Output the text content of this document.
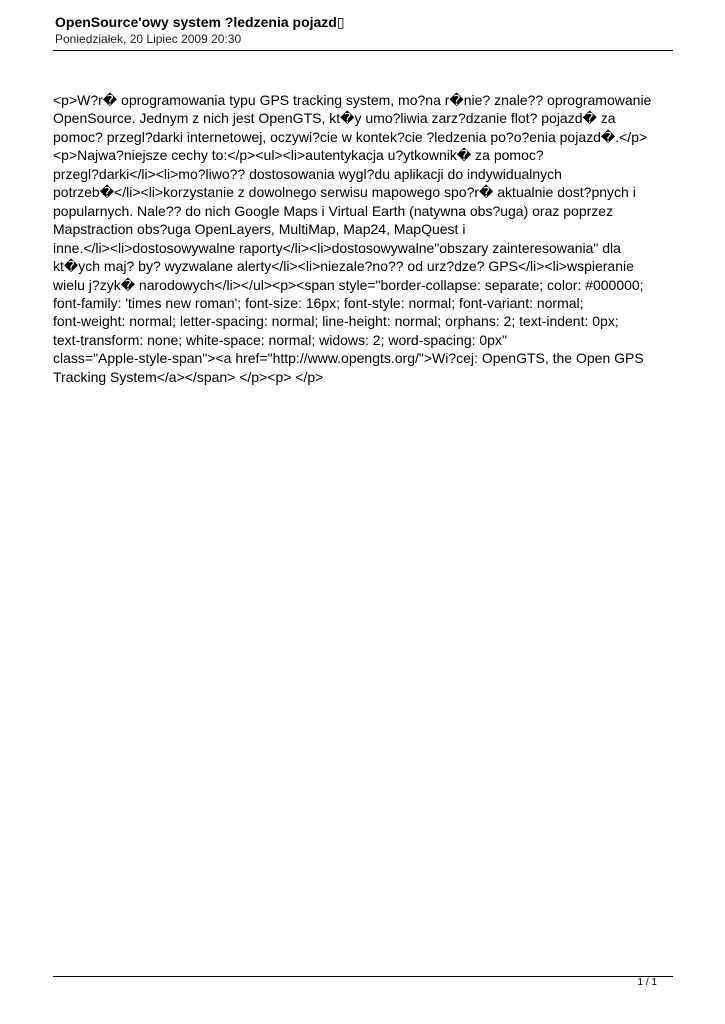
OpenSource'owy system ?ledzenia pojazd▯
Poniedziałek, 20 Lipiec 2009 20:30
<p>W?r� oprogramowania typu GPS tracking system, mo?na r�nie? znale?? oprogramowanie
OpenSource. Jednym z nich jest OpenGTS, kt�y umo?liwia zarz?dzanie flot? pojazd� za
pomoc? przegl?darki internetowej, oczywi?cie w kontek?cie ?ledzenia po?o?enia pojazd�.</p>
<p>Najwa?niejsze cechy to:</p><ul><li>autentykacja u?ytkownik� za pomoc?
przegl?darki</li><li>mo?liwo?? dostosowania wygl?du aplikacji do indywidualnych
potrzeb�</li><li>korzystanie z dowolnego serwisu mapowego spo?r� aktualnie dost?pnych i
popularnych. Nale?? do nich Google Maps i Virtual Earth (natywna obs?uga) oraz poprzez
Mapstraction obs?uga OpenLayers, MultiMap, Map24, MapQuest i
inne.</li><li>dostosowywalne raporty</li><li>dostosowywalne"obszary zainteresowania" dla
kt�ych maj? by? wyzwalane alerty</li><li>niezale?no?? od urz?dze? GPS</li><li>wspieranie
wielu j?zyk� narodowych</li></ul><p><span style="border-collapse: separate; color: #000000;
font-family: 'times new roman'; font-size: 16px; font-style: normal; font-variant: normal;
font-weight: normal; letter-spacing: normal; line-height: normal; orphans: 2; text-indent: 0px;
text-transform: none; white-space: normal; widows: 2; word-spacing: 0px"
class="Apple-style-span"><a href="http://www.opengts.org/">Wi?cej: OpenGTS, the Open GPS
Tracking System</a></span> </p><p> </p>
1 / 1
